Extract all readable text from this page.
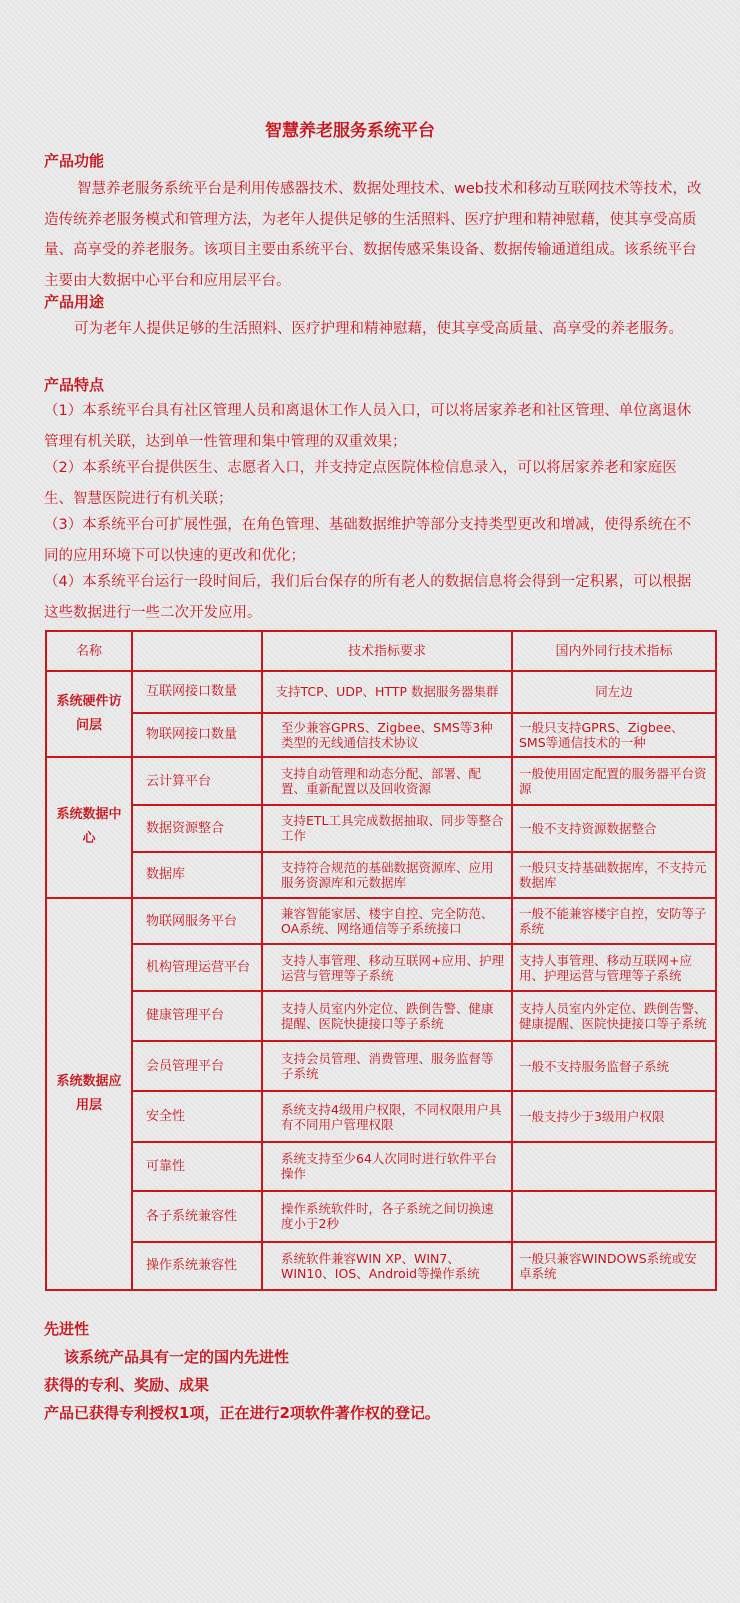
智慧养老服务系统平台
产品功能
智慧养老服务系统平台是利用传感器技术、数据处理技术、web技术和移动互联网技术等技术，改造传统养老服务模式和管理方法，为老年人提供足够的生活照料、医疗护理和精神慰藉，使其享受高质量、高享受的养老服务。该项目主要由系统平台、数据传感采集设备、数据传输通道组成。该系统平台主要由大数据中心平台和应用层平台。
产品用途
可为老年人提供足够的生活照料、医疗护理和精神慰藉，使其享受高质量、高享受的养老服务。
产品特点
（1）本系统平台具有社区管理人员和离退休工作人员入口，可以将居家养老和社区管理、单位离退休管理有机关联，达到单一性管理和集中管理的双重效果；
（2）本系统平台提供医生、志愿者入口，并支持定点医院体检信息录入，可以将居家养老和家庭医生、智慧医院进行有机关联；
（3）本系统平台可扩展性强，在角色管理、基础数据维护等部分支持类型更改和增减，使得系统在不同的应用环境下可以快速的更改和优化；
（4）本系统平台运行一段时间后，我们后台保存的所有老人的数据信息将会得到一定积累，可以根据这些数据进行一些二次开发应用。
名称		技术指标要求	国内外同行技术指标
系统硬件访问层	互联网接口数量	支持TCP、UDP、HTTP 数据服务器集群	同左边
	物联网接口数量	至少兼容GPRS、Zigbee、SMS等3种类型的无线通信技术协议	一般只支持GPRS、Zigbee、SMS等通信技术的一种
系统数据中心	云计算平台	支持自动管理和动态分配、部署、配置、重新配置以及回收资源	一般使用固定配置的服务器平台资源
	数据资源整合	支持ETL工具完成数据抽取、同步等整合工作	一般不支持资源数据整合
	数据库	支持符合规范的基础数据资源库、应用服务资源库和元数据库	一般只支持基础数据库，不支持元数据库
系统数据应用层	物联网服务平台	兼容智能家居、楼宇自控、完全防范、OA系统、网络通信等子系统接口	一般不能兼容楼宇自控，安防等子系统
	机构管理运营平台	支持人事管理、移动互联网+应用、护理运营与管理等子系统	支持人事管理、移动互联网+应用、护理运营与管理等子系统
	健康管理平台	支持人员室内外定位、跌倒告警、健康提醒、医院快捷接口等子系统	支持人员室内外定位、跌倒告警、健康提醒、医院快捷接口等子系统
	会员管理平台	支持会员管理、消费管理、服务监督等子系统	一般不支持服务监督子系统
	安全性	系统支持4级用户权限，不同权限用户具有不同用户管理权限	一般支持少于3级用户权限
	可靠性	系统支持至少64人次同时进行软件平台操作	
	各子系统兼容性	操作系统软件时，各子系统之间切换速度小于2秒	
	操作系统兼容性	系统软件兼容WIN XP、WIN7、WIN10、IOS、Android等操作系统	一般只兼容WINDOWS系统或安卓系统
先进性
该系统产品具有一定的国内先进性
获得的专利、奖励、成果
产品已获得专利授权1项，正在进行2项软件著作权的登记。
